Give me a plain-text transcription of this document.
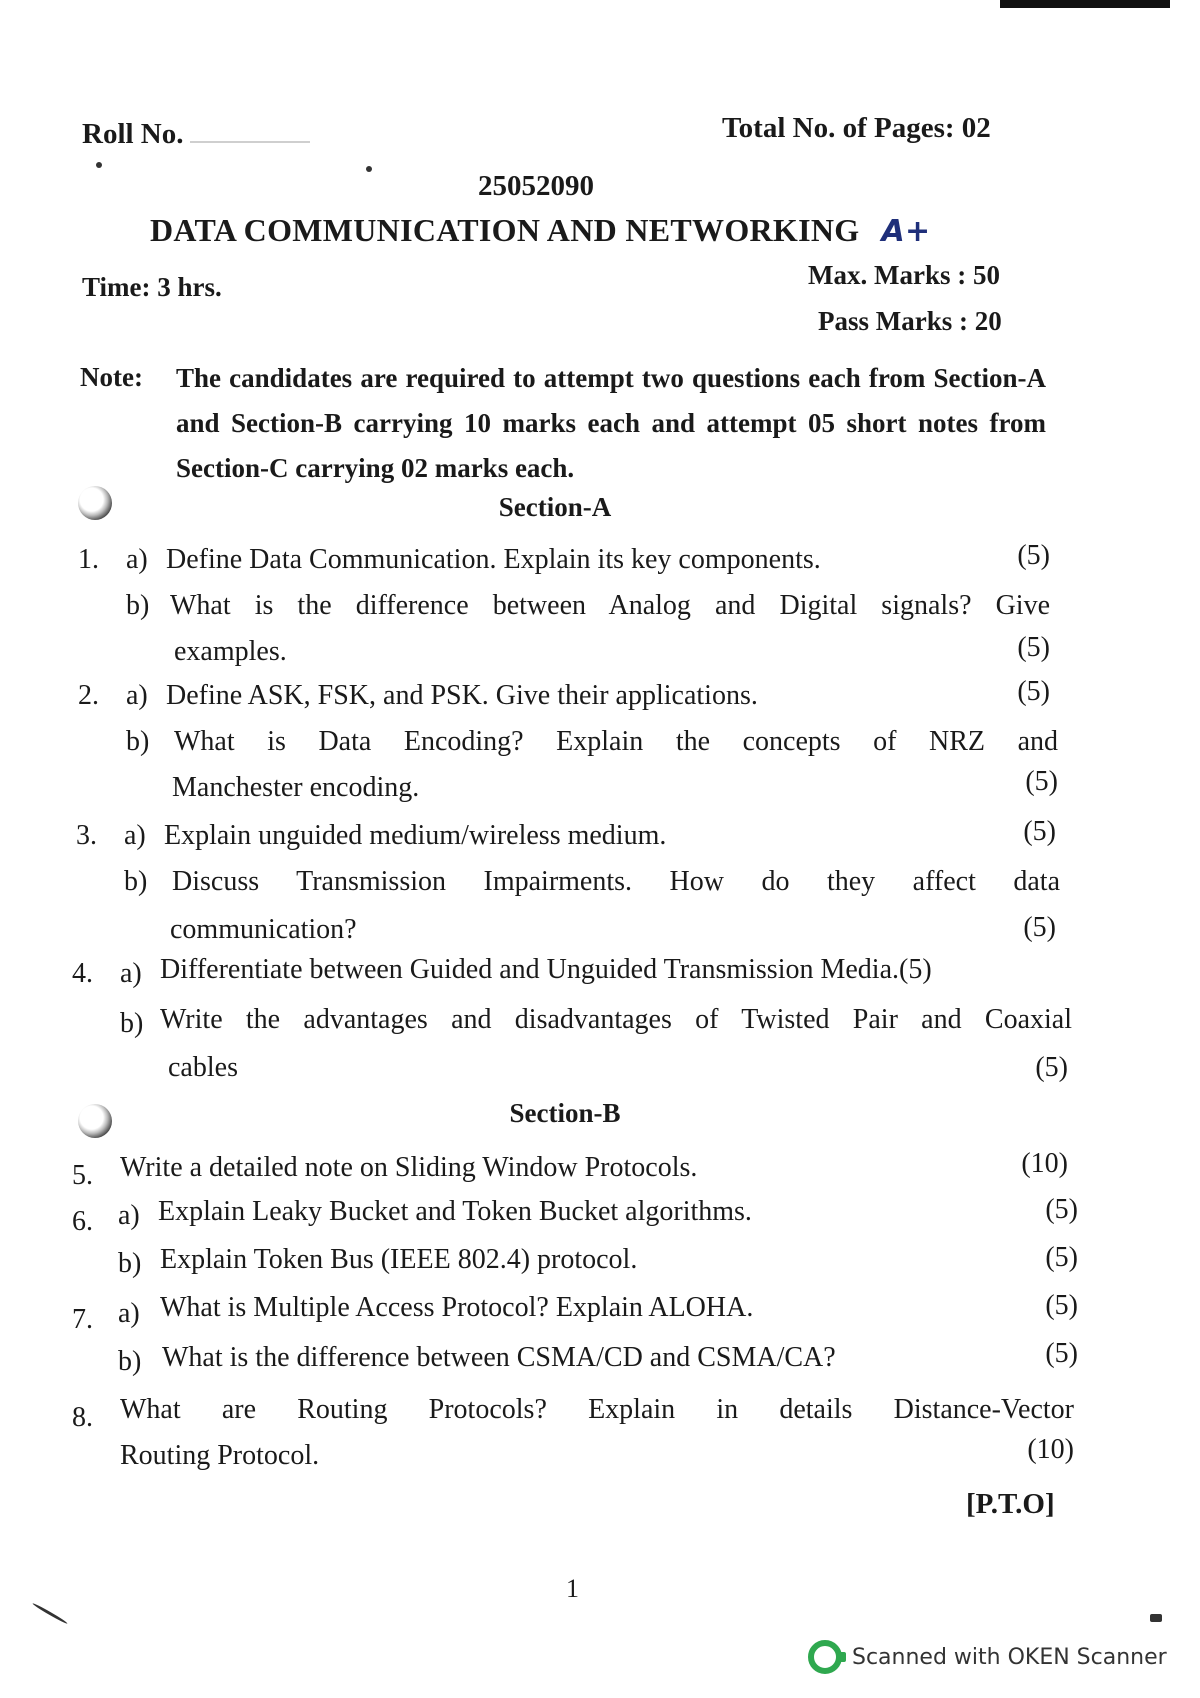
Roll No.	Total No. of Pages: 02
25052090
DATA COMMUNICATION AND NETWORKING A+
Time: 3 hrs.	Max. Marks : 50
Pass Marks : 20
Note: The candidates are required to attempt two questions each from Section-A and Section-B carrying 10 marks each and attempt 05 short notes from Section-C carrying 02 marks each.
Section-A
1. a) Define Data Communication. Explain its key components.	(5)
b) What is the difference between Analog and Digital signals? Give
examples.	(5)
2. a) Define ASK, FSK, and PSK. Give their applications.	(5)
b) What is Data Encoding? Explain the concepts of NRZ and
Manchester encoding.	(5)
3. a) Explain unguided medium/wireless medium.	(5)
b) Discuss Transmission Impairments. How do they affect data
communication?	(5)
4. a) Differentiate between Guided and Unguided Transmission Media.(5)
b) Write the advantages and disadvantages of Twisted Pair and Coaxial
cables	(5)
Section-B
5. Write a detailed note on Sliding Window Protocols.	(10)
6. a) Explain Leaky Bucket and Token Bucket algorithms.	(5)
b) Explain Token Bus (IEEE 802.4) protocol.	(5)
7. a) What is Multiple Access Protocol? Explain ALOHA.	(5)
b) What is the difference between CSMA/CD and CSMA/CA?	(5)
8. What are Routing Protocols? Explain in details Distance-Vector
Routing Protocol.	(10)
[P.T.O]
1
Scanned with OKEN Scanner
